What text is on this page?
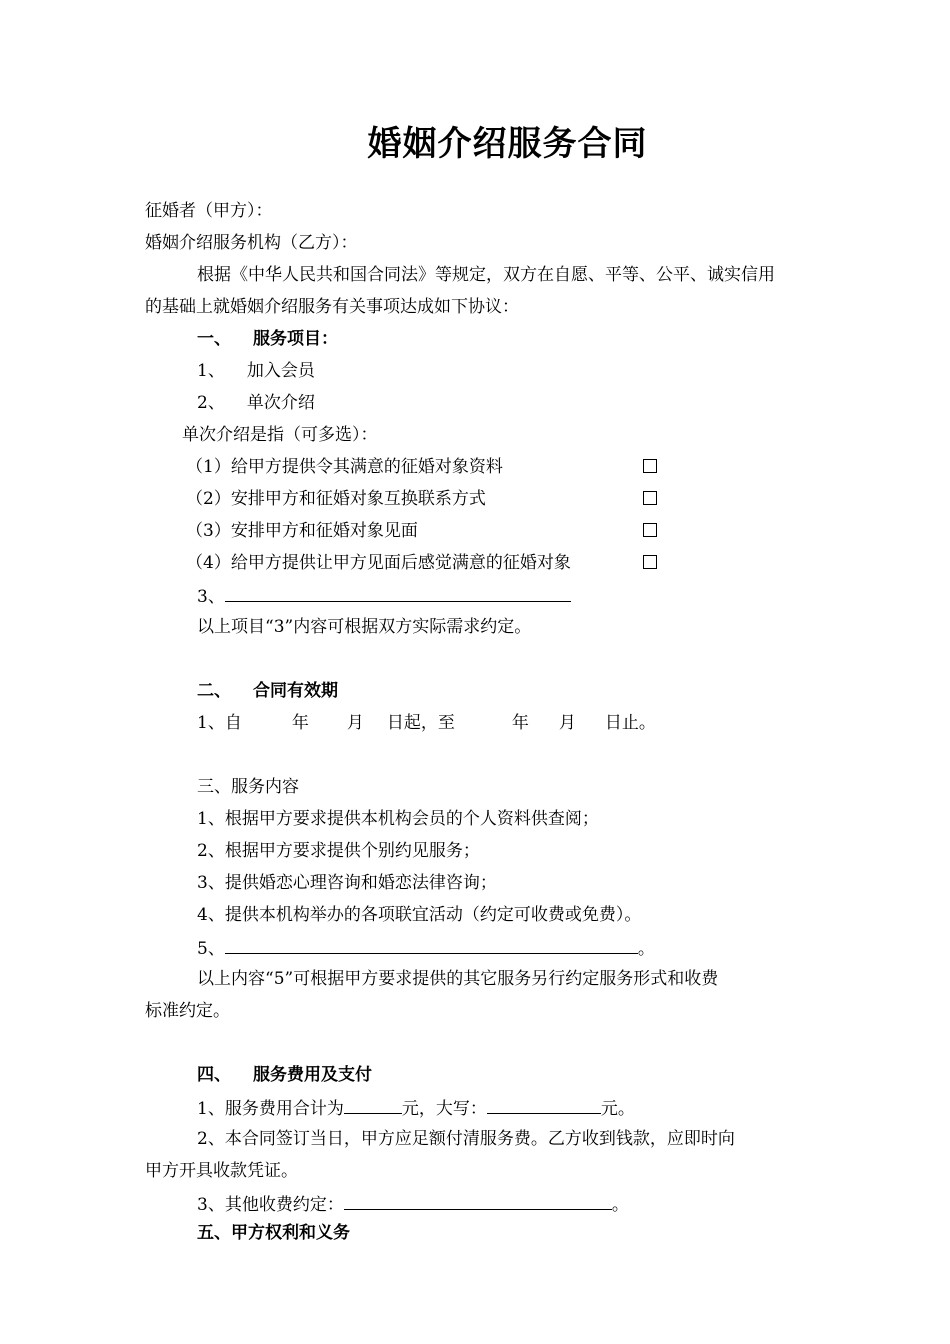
婚姻介绍服务合同
征婚者（甲方）：
婚姻介绍服务机构（乙方）：
根据《中华人民共和国合同法》等规定，双方在自愿、平等、公平、诚实信用
的基础上就婚姻介绍服务有关事项达成如下协议：
一、 服务项目：
1、 加入会员
2、 单次介绍
单次介绍是指（可多选）：
（1）给甲方提供令其满意的征婚对象资料
（2）安排甲方和征婚对象互换联系方式
（3）安排甲方和征婚对象见面
（4）给甲方提供让甲方见面后感觉满意的征婚对象
3、
以上项目“3”内容可根据双方实际需求约定。
二、 合同有效期
1、自	年 月 日起，至	年 月 日止。
三、服务内容
1、根据甲方要求提供本机构会员的个人资料供查阅；
2、根据甲方要求提供个别约见服务；
3、提供婚恋心理咨询和婚恋法律咨询；
4、提供本机构举办的各项联宜活动（约定可收费或免费）。
5、	。
以上内容“5”可根据甲方要求提供的其它服务另行约定服务形式和收费
标准约定。
四、 服务费用及支付
1、服务费用合计为	元，大写：	元。
2、本合同签订当日，甲方应足额付清服务费。乙方收到钱款，应即时向
甲方开具收款凭证。
3、其他收费约定：	。
五、甲方权利和义务
